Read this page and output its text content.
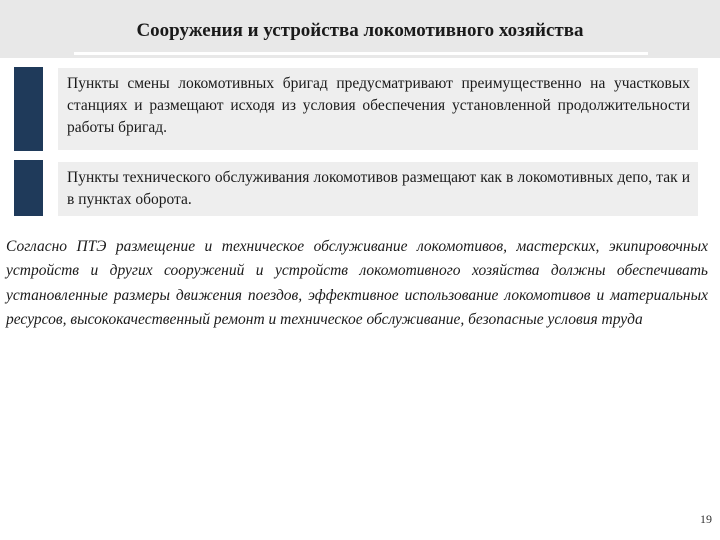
Сооружения и устройства локомотивного хозяйства
Пункты смены локомотивных бригад предусматривают преимущественно на участковых станциях и размещают исходя из условия обеспечения установленной продолжительности работы бригад.
Пункты технического обслуживания локомотивов размещают как в локомотивных депо, так и в пунктах оборота.

Согласно ПТЭ размещение и техническое обслуживание локомотивов, мастерских, экипировочных устройств и других сооружений и устройств локомотивного хозяйства должны обеспечивать установленные размеры движения поездов, эффективное использование локомотивов и материальных ресурсов, высококачественный ремонт и техническое обслуживание, безопасные условия труда

19
